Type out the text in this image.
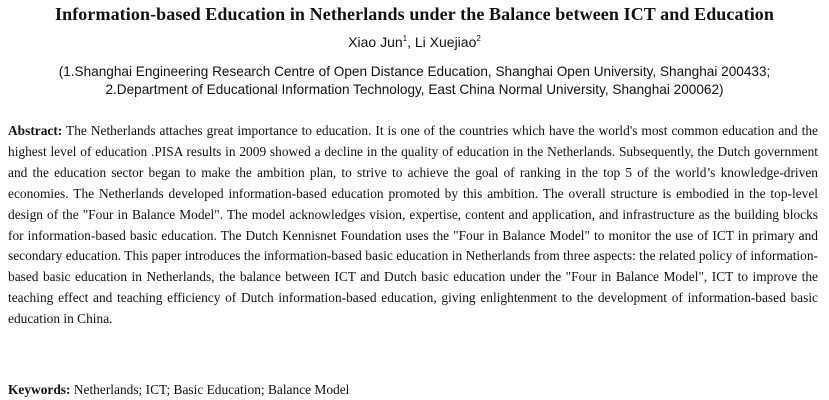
Information-based Education in Netherlands under the Balance between ICT and Education
Xiao Jun$^1$, Li Xuejiao$^2$
(1.Shanghai Engineering Research Centre of Open Distance Education, Shanghai Open University, Shanghai 200433;
2.Department of Educational Information Technology, East China Normal University, Shanghai 200062)

Abstract: The Netherlands attaches great importance to education. It is one of the countries which have the world's most common education and the highest level of education .PISA results in 2009 showed a decline in the quality of education in the Netherlands. Subsequently, the Dutch government and the education sector began to make the ambition plan, to strive to achieve the goal of ranking in the top 5 of the world’s knowledge-driven economies. The Netherlands developed information-based education promoted by this ambition. The overall structure is embodied in the top-level design of the "Four in Balance Model". The model acknowledges vision, expertise, content and application, and infrastructure as the building blocks for information-based basic education. The Dutch Kennisnet Foundation uses the "Four in Balance Model" to monitor the use of ICT in primary and secondary education. This paper introduces the information-based basic education in Netherlands from three aspects: the related policy of information-based basic education in Netherlands, the balance between ICT and Dutch basic education under the "Four in Balance Model", ICT to improve the teaching effect and teaching efficiency of Dutch information-based education, giving enlightenment to the development of information-based basic education in China.

Keywords: Netherlands; ICT; Basic Education; Balance Model
